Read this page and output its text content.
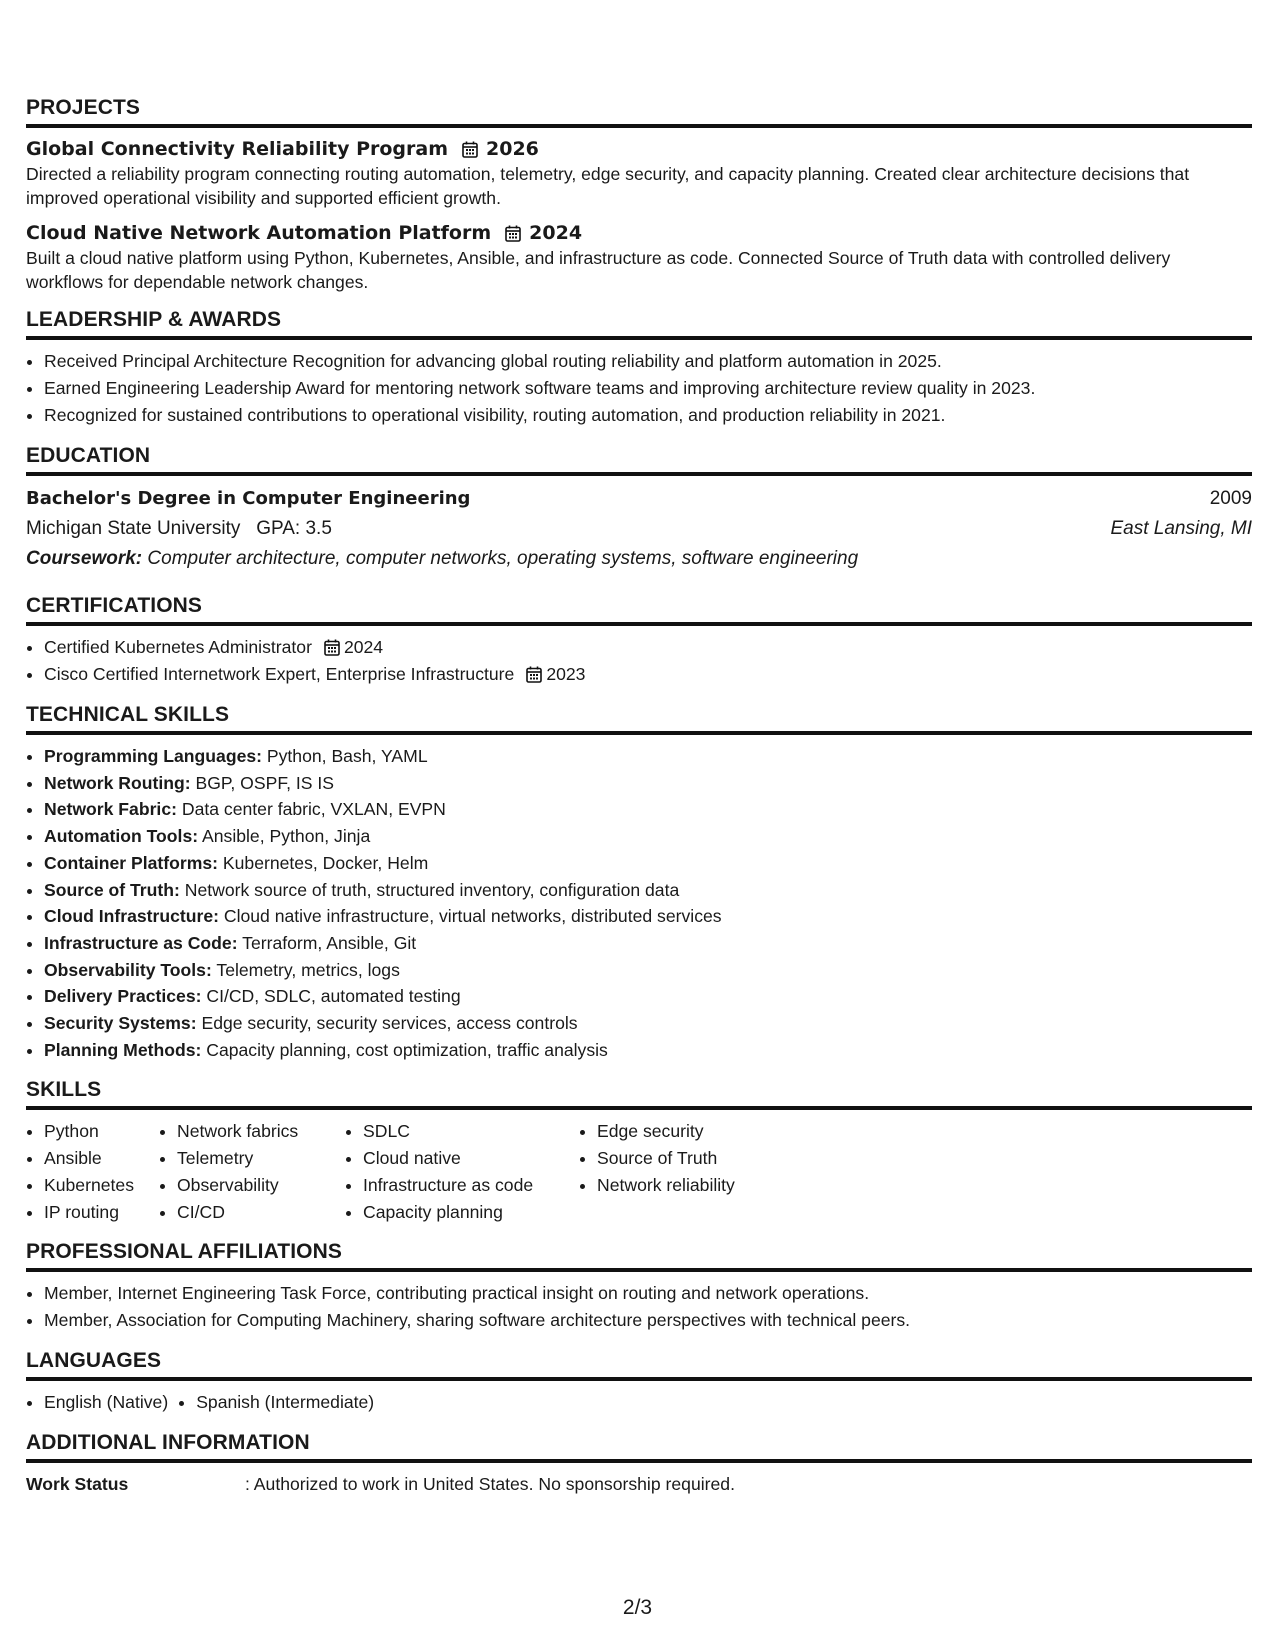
PROJECTS
Global Connectivity Reliability Program 2026
Directed a reliability program connecting routing automation, telemetry, edge security, and capacity planning. Created clear architecture decisions that improved operational visibility and supported efficient growth.
Cloud Native Network Automation Platform 2024
Built a cloud native platform using Python, Kubernetes, Ansible, and infrastructure as code. Connected Source of Truth data with controlled delivery workflows for dependable network changes.
LEADERSHIP & AWARDS
• Received Principal Architecture Recognition for advancing global routing reliability and platform automation in 2025.
• Earned Engineering Leadership Award for mentoring network software teams and improving architecture review quality in 2023.
• Recognized for sustained contributions to operational visibility, routing automation, and production reliability in 2021.
EDUCATION
Bachelor's Degree in Computer Engineering	2009
Michigan State University GPA: 3.5	East Lansing, MI
Coursework: Computer architecture, computer networks, operating systems, software engineering
CERTIFICATIONS
• Certified Kubernetes Administrator 2024
• Cisco Certified Internetwork Expert, Enterprise Infrastructure 2023
TECHNICAL SKILLS
• Programming Languages: Python, Bash, YAML
• Network Routing: BGP, OSPF, IS IS
• Network Fabric: Data center fabric, VXLAN, EVPN
• Automation Tools: Ansible, Python, Jinja
• Container Platforms: Kubernetes, Docker, Helm
• Source of Truth: Network source of truth, structured inventory, configuration data
• Cloud Infrastructure: Cloud native infrastructure, virtual networks, distributed services
• Infrastructure as Code: Terraform, Ansible, Git
• Observability Tools: Telemetry, metrics, logs
• Delivery Practices: CI/CD, SDLC, automated testing
• Security Systems: Edge security, security services, access controls
• Planning Methods: Capacity planning, cost optimization, traffic analysis
SKILLS
• Python
• Ansible
• Kubernetes
• IP routing
• Network fabrics
• Telemetry
• Observability
• CI/CD
• SDLC
• Cloud native
• Infrastructure as code
• Capacity planning
• Edge security
• Source of Truth
• Network reliability
PROFESSIONAL AFFILIATIONS
• Member, Internet Engineering Task Force, contributing practical insight on routing and network operations.
• Member, Association for Computing Machinery, sharing software architecture perspectives with technical peers.
LANGUAGES
• English (Native)
• Spanish (Intermediate)
ADDITIONAL INFORMATION
Work Status	: Authorized to work in United States. No sponsorship required.
2/3
